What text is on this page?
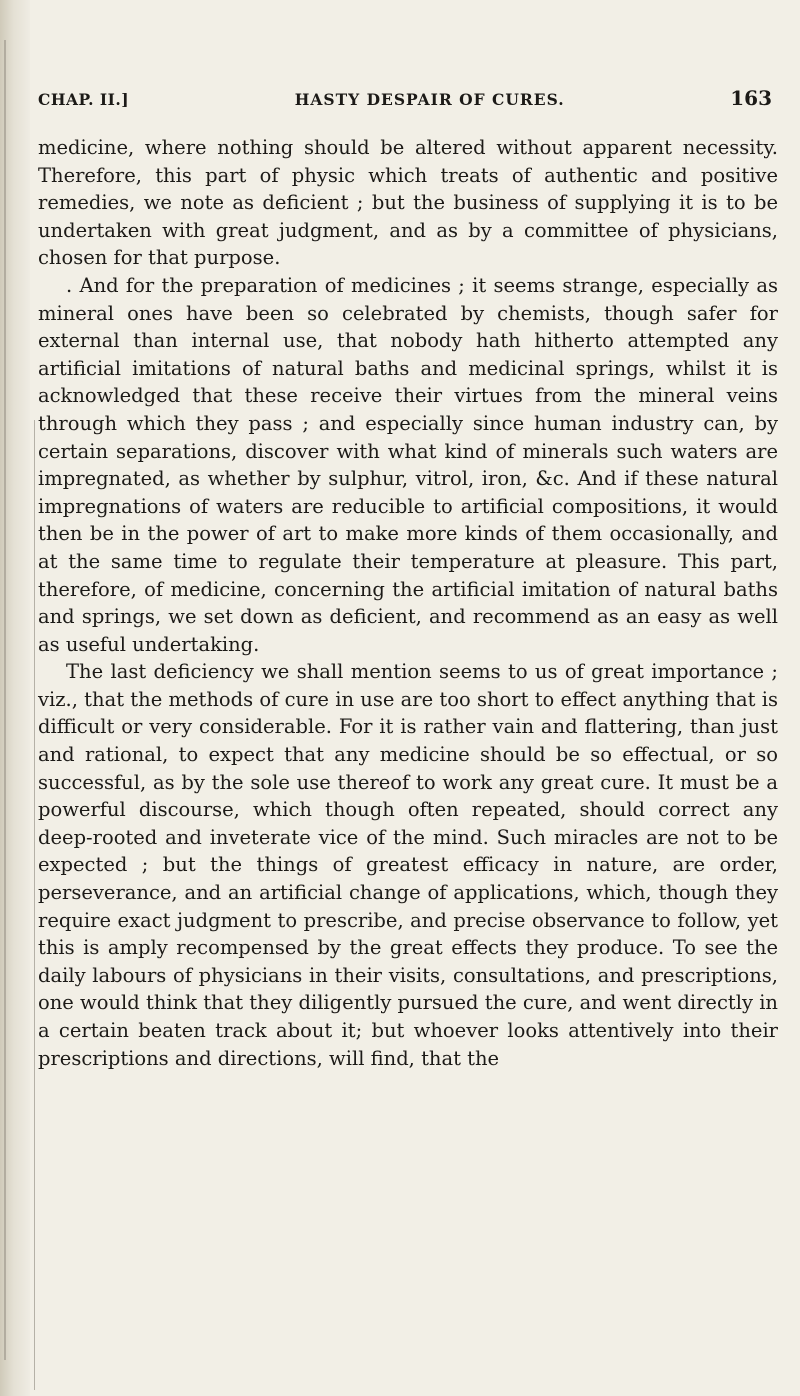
CHAP. II.]	HASTY DESPAIR OF CURES.	163

medicine, where nothing should be altered without apparent necessity. Therefore, this part of physic which treats of authentic and positive remedies, we note as deficient ; but the business of supplying it is to be undertaken with great judgment, and as by a committee of physicians, chosen for that purpose.

. And for the preparation of medicines ; it seems strange, especially as mineral ones have been so celebrated by chemists, though safer for external than internal use, that nobody hath hitherto attempted any artificial imitations of natural baths and medicinal springs, whilst it is acknowledged that these receive their virtues from the mineral veins through which they pass ; and especially since human industry can, by certain separations, discover with what kind of minerals such waters are impregnated, as whether by sulphur, vitrol, iron, &c. And if these natural impregnations of waters are reducible to artificial compositions, it would then be in the power of art to make more kinds of them occasionally, and at the same time to regulate their temperature at pleasure. This part, therefore, of medicine, concerning the artificial imitation of natural baths and springs, we set down as deficient, and recommend as an easy as well as useful undertaking.

The last deficiency we shall mention seems to us of great importance ; viz., that the methods of cure in use are too short to effect anything that is difficult or very considerable. For it is rather vain and flattering, than just and rational, to expect that any medicine should be so effectual, or so successful, as by the sole use thereof to work any great cure. It must be a powerful discourse, which though often repeated, should correct any deep-rooted and inveterate vice of the mind. Such miracles are not to be expected ; but the things of greatest efficacy in nature, are order, perseverance, and an artificial change of applications, which, though they require exact judgment to prescribe, and precise observance to follow, yet this is amply recompensed by the great effects they produce. To see the daily labours of physicians in their visits, consultations, and prescriptions, one would think that they diligently pursued the cure, and went directly in a certain beaten track about it; but whoever looks attentively into their prescriptions and directions, will find, that the
